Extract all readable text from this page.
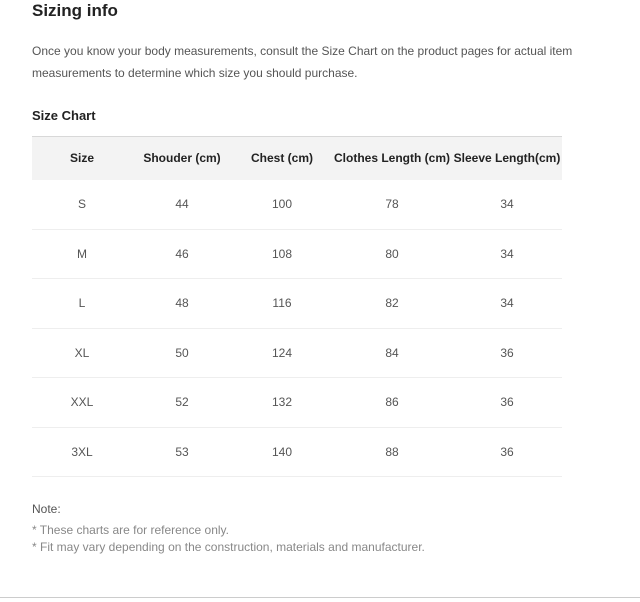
Sizing info
Once you know your body measurements, consult the Size Chart on the product pages for actual item measurements to determine which size you should purchase.
Size Chart
Size	Shouder (cm)	Chest (cm)	Clothes Length (cm)	Sleeve Length(cm)
S	44	100	78	34
M	46	108	80	34
L	48	116	82	34
XL	50	124	84	36
XXL	52	132	86	36
3XL	53	140	88	36
Note:
* These charts are for reference only.
* Fit may vary depending on the construction, materials and manufacturer.
